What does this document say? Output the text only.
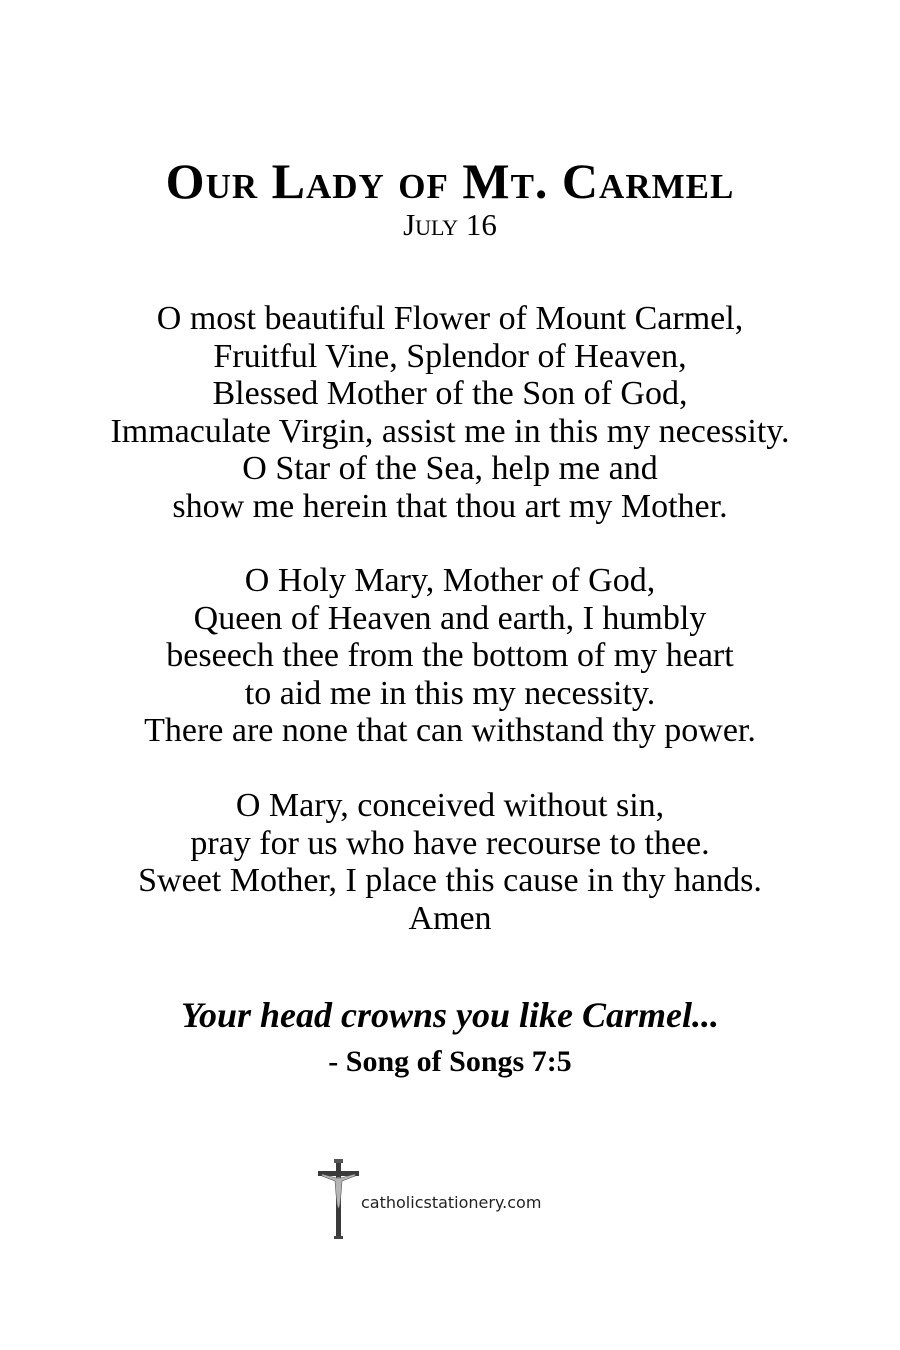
Our Lady of Mt. Carmel
July 16
O most beautiful Flower of Mount Carmel,
Fruitful Vine, Splendor of Heaven,
Blessed Mother of the Son of God,
Immaculate Virgin, assist me in this my necessity.
O Star of the Sea, help me and
show me herein that thou art my Mother.
O Holy Mary, Mother of God,
Queen of Heaven and earth, I humbly
beseech thee from the bottom of my heart
to aid me in this my necessity.
There are none that can withstand thy power.
O Mary, conceived without sin,
pray for us who have recourse to thee.
Sweet Mother, I place this cause in thy hands.
Amen
Your head crowns you like Carmel...
- Song of Songs 7:5
catholicstationery.com
